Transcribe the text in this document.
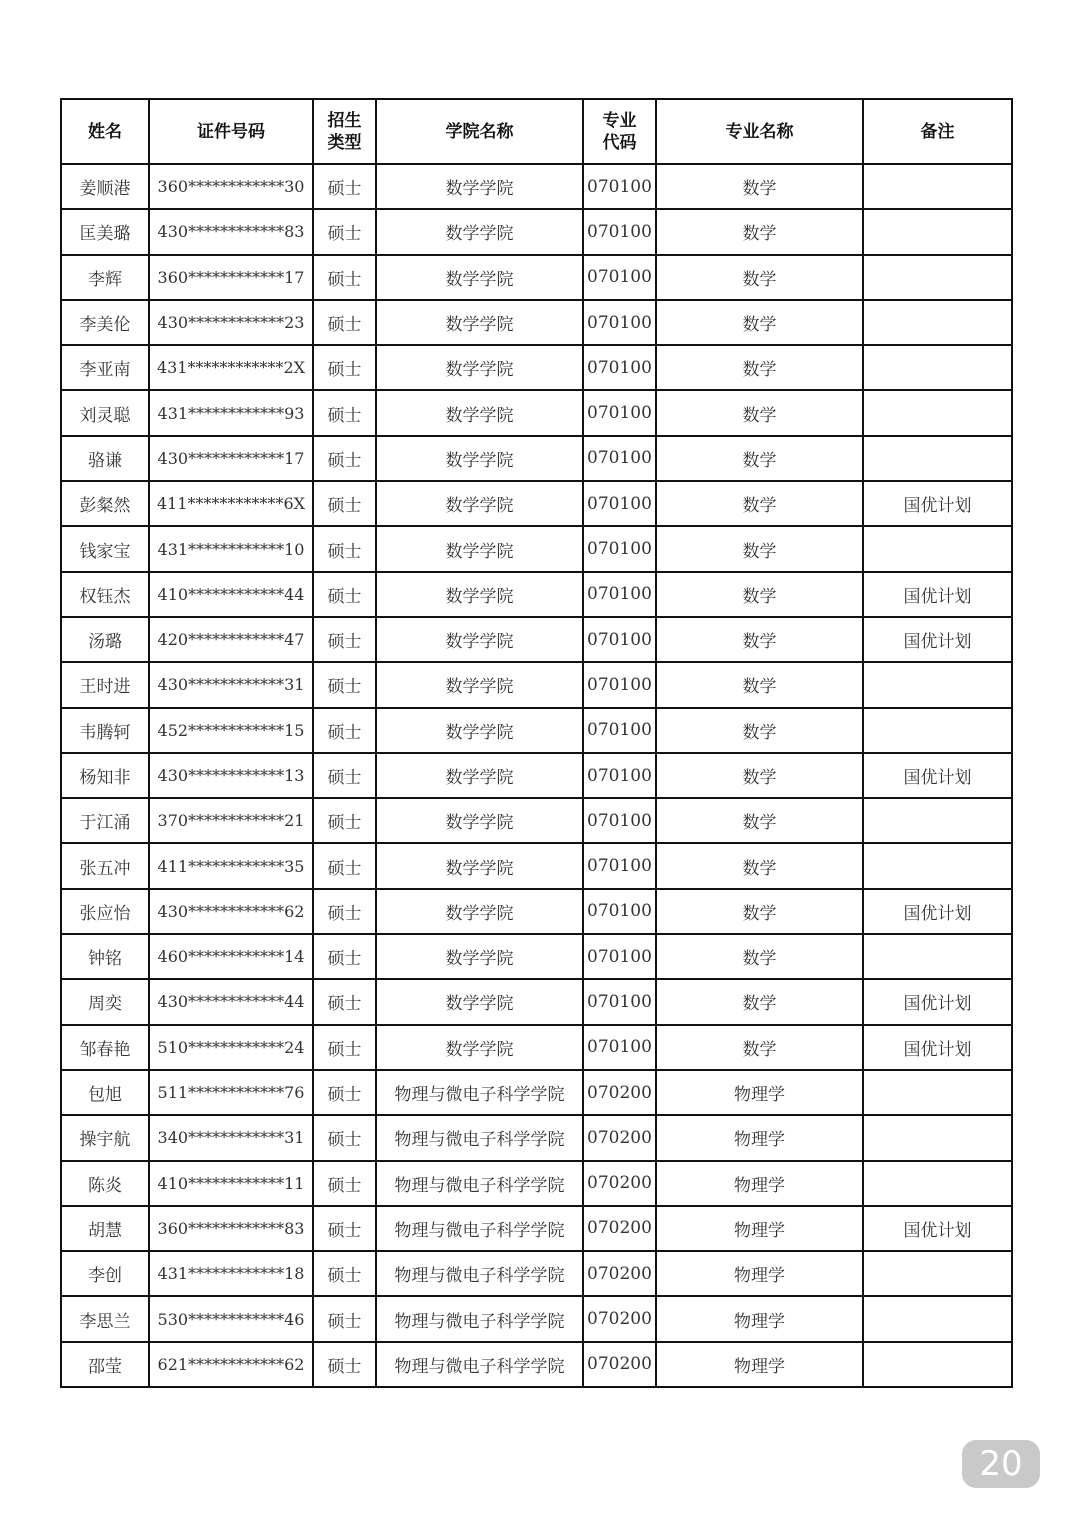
姓名	证件号码	招生类型	学院名称	专业代码	专业名称	备注
姜顺港	360************30	硕士	数学学院	070100	数学	
匡美璐	430************83	硕士	数学学院	070100	数学	
李辉	360************17	硕士	数学学院	070100	数学	
李美伦	430************23	硕士	数学学院	070100	数学	
李亚南	431************2X	硕士	数学学院	070100	数学	
刘灵聪	431************93	硕士	数学学院	070100	数学	
骆谦	430************17	硕士	数学学院	070100	数学	
彭粲然	411************6X	硕士	数学学院	070100	数学	国优计划
钱家宝	431************10	硕士	数学学院	070100	数学	
权钰杰	410************44	硕士	数学学院	070100	数学	国优计划
汤璐	420************47	硕士	数学学院	070100	数学	国优计划
王时进	430************31	硕士	数学学院	070100	数学	
韦腾轲	452************15	硕士	数学学院	070100	数学	
杨知非	430************13	硕士	数学学院	070100	数学	国优计划
于江涌	370************21	硕士	数学学院	070100	数学	
张五冲	411************35	硕士	数学学院	070100	数学	
张应怡	430************62	硕士	数学学院	070100	数学	国优计划
钟铭	460************14	硕士	数学学院	070100	数学	
周奕	430************44	硕士	数学学院	070100	数学	国优计划
邹春艳	510************24	硕士	数学学院	070100	数学	国优计划
包旭	511************76	硕士	物理与微电子科学学院	070200	物理学	
操宇航	340************31	硕士	物理与微电子科学学院	070200	物理学	
陈炎	410************11	硕士	物理与微电子科学学院	070200	物理学	
胡慧	360************83	硕士	物理与微电子科学学院	070200	物理学	国优计划
李创	431************18	硕士	物理与微电子科学学院	070200	物理学	
李思兰	530************46	硕士	物理与微电子科学学院	070200	物理学	
邵莹	621************62	硕士	物理与微电子科学学院	070200	物理学	
20
